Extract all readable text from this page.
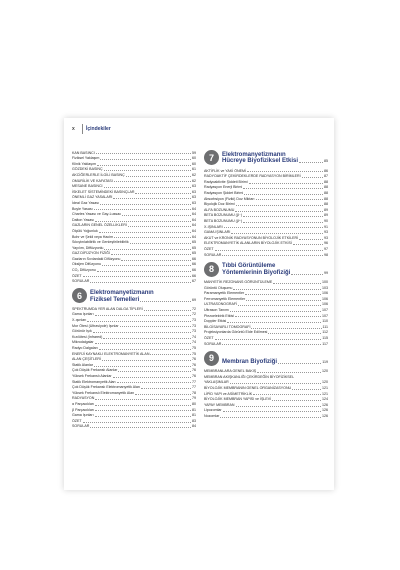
x İçindekiler
KAN BASINCI	59
Fiziksel Yaklaşım	60
Klinik Yaklaşım	60
GÖZDEKİ BASINÇ	61
AKCİĞERLERLE İLGİLİ BASINÇ	62
OMURİLİK VE KAFATASI	62
MESANE BASINCI	63
İSKELET SİSTEMİNDEKİ BASINÇLAR	63
ÖNEMLİ GAZ YASALARI	63
İdeal Gaz Yasası	63
Boyle Yasası	64
Charles Yasası ve Gay-Lussac	64
Dalton Yasası	64
GAZLARIN GENEL ÖZELLİKLERİ	64
Ölçülü Yoğunluk	64
Bohr ve Şekil veya Hacim	64
Sıkıştırılabilirlik ve Genleştirilebilirlik	65
Yayılım, Diffüzyonlu	65
GAZ DİFÜZYON FİZİĞİ	65
Gazların Sıvılardaki Difüzyonu	66
Oksijen Difüzyonu	66
CO₂ Difüzyonu	66
ÖZET	66
SORULAR	67
6	Elektromanyetizmanın
Fiziksel Temelleri	69
SPEKTRUMDA YER ALAN DALGA TİPLERİ	72
Gama Işınları	72
X-ışınları	73
Mor Ötesi (Ultraviyole) Işınlar	73
Görünür Işık	73
Kızılötesi (İnfrared)	74
Mikrodalgalar	74
Radyo Dalgaları	75
ENERJİ KAYNAKLI ELEKTROMANYETİK ALAN	75
ALAN ÇEŞİTLERİ	76
Statik Alanlar	76
Çok Düşük Frekanslı Alanlar	76
Yüksek Frekanslı Alanlar	76
Statik Elektromanyetik Alan	77
Çok Düşük Frekanslı Elektromanyetik Alan	77
Yüksek Frekanslı Elektromanyetik Alan	78
RADYASYON	79
α Parçacıkları	80
β Parçacıkları	81
Gama Işınları	81
ÖZET	83
SORULAR	84
7	Elektromanyetizmanın
Hücreye Biyofiziksel Etkisi	85
AKTİFLİK ve YAKİ ÖNEMİ	86
RADYOAKTİF ÇEKİRDEKLERDE RADYASYON BİRİMLERİ	87
Radyoaktivite Şiddeti Birimi	88
Radyasyon Enerji Birimi	88
Radyasyon Şiddet Birimi	88
Absorbsiyon (Fiziki) Doz Miktarı	88
Biyolojik Doz Birimi	88
ALFA BOZUNUMU	89
BETA BOZUNUMU (β⁻)	89
BETA BOZUNUMU (β⁺)	90
X-IŞINLARI	91
GAMA IŞINLARI	93
AKUT ve KRONİK RADYASYONUN BİYOLOJİK ETKİLERİ	93
ELEKTROMANYETİK ALANLARIN BİYOLOJİK ETKİSİ	96
ÖZET	97
SORULAR	98
8	Tıbbi Görüntüleme
Yöntemlerinin Biyofiziği	99
MANYETİK REZONANS GÖRÜNTÜLEME	100
Görüntü Oluşumu	103
Paramanyetik Elementler	106
Ferromanyetik Elementler	106
ULTRASONOGRAFİ	106
Ultrason Tanımı	107
Piezoelektrik Etkisi	107
Doppler Etkisi	110
BİLGİSAYARLI TOMOGRAFİ	111
Projeksiyonlarda Görüntü Elde Edilmesi	112
ÖZET	115
SORULAR	117
9	Membran Biyofiziği	119
MEMBRANLARA GENEL BAKIŞ	120
MEMBRAN AKIŞKANLIĞI ÇEKİRDEĞİN BİYOFİZİKSEL
YAKLAŞIMLAR	120
BİYOLOJİK MEMBRANIN GENEL ORGANİZASYONU	121
LİPİD YAPI ve ASİMETRİKLİK	121
BİYOLOJİK MEMBRAN YAPISI ve İŞLEVİ	124
YAPAY MEMBRAN	126
Lipozomlar	126
Nozomlar	126
